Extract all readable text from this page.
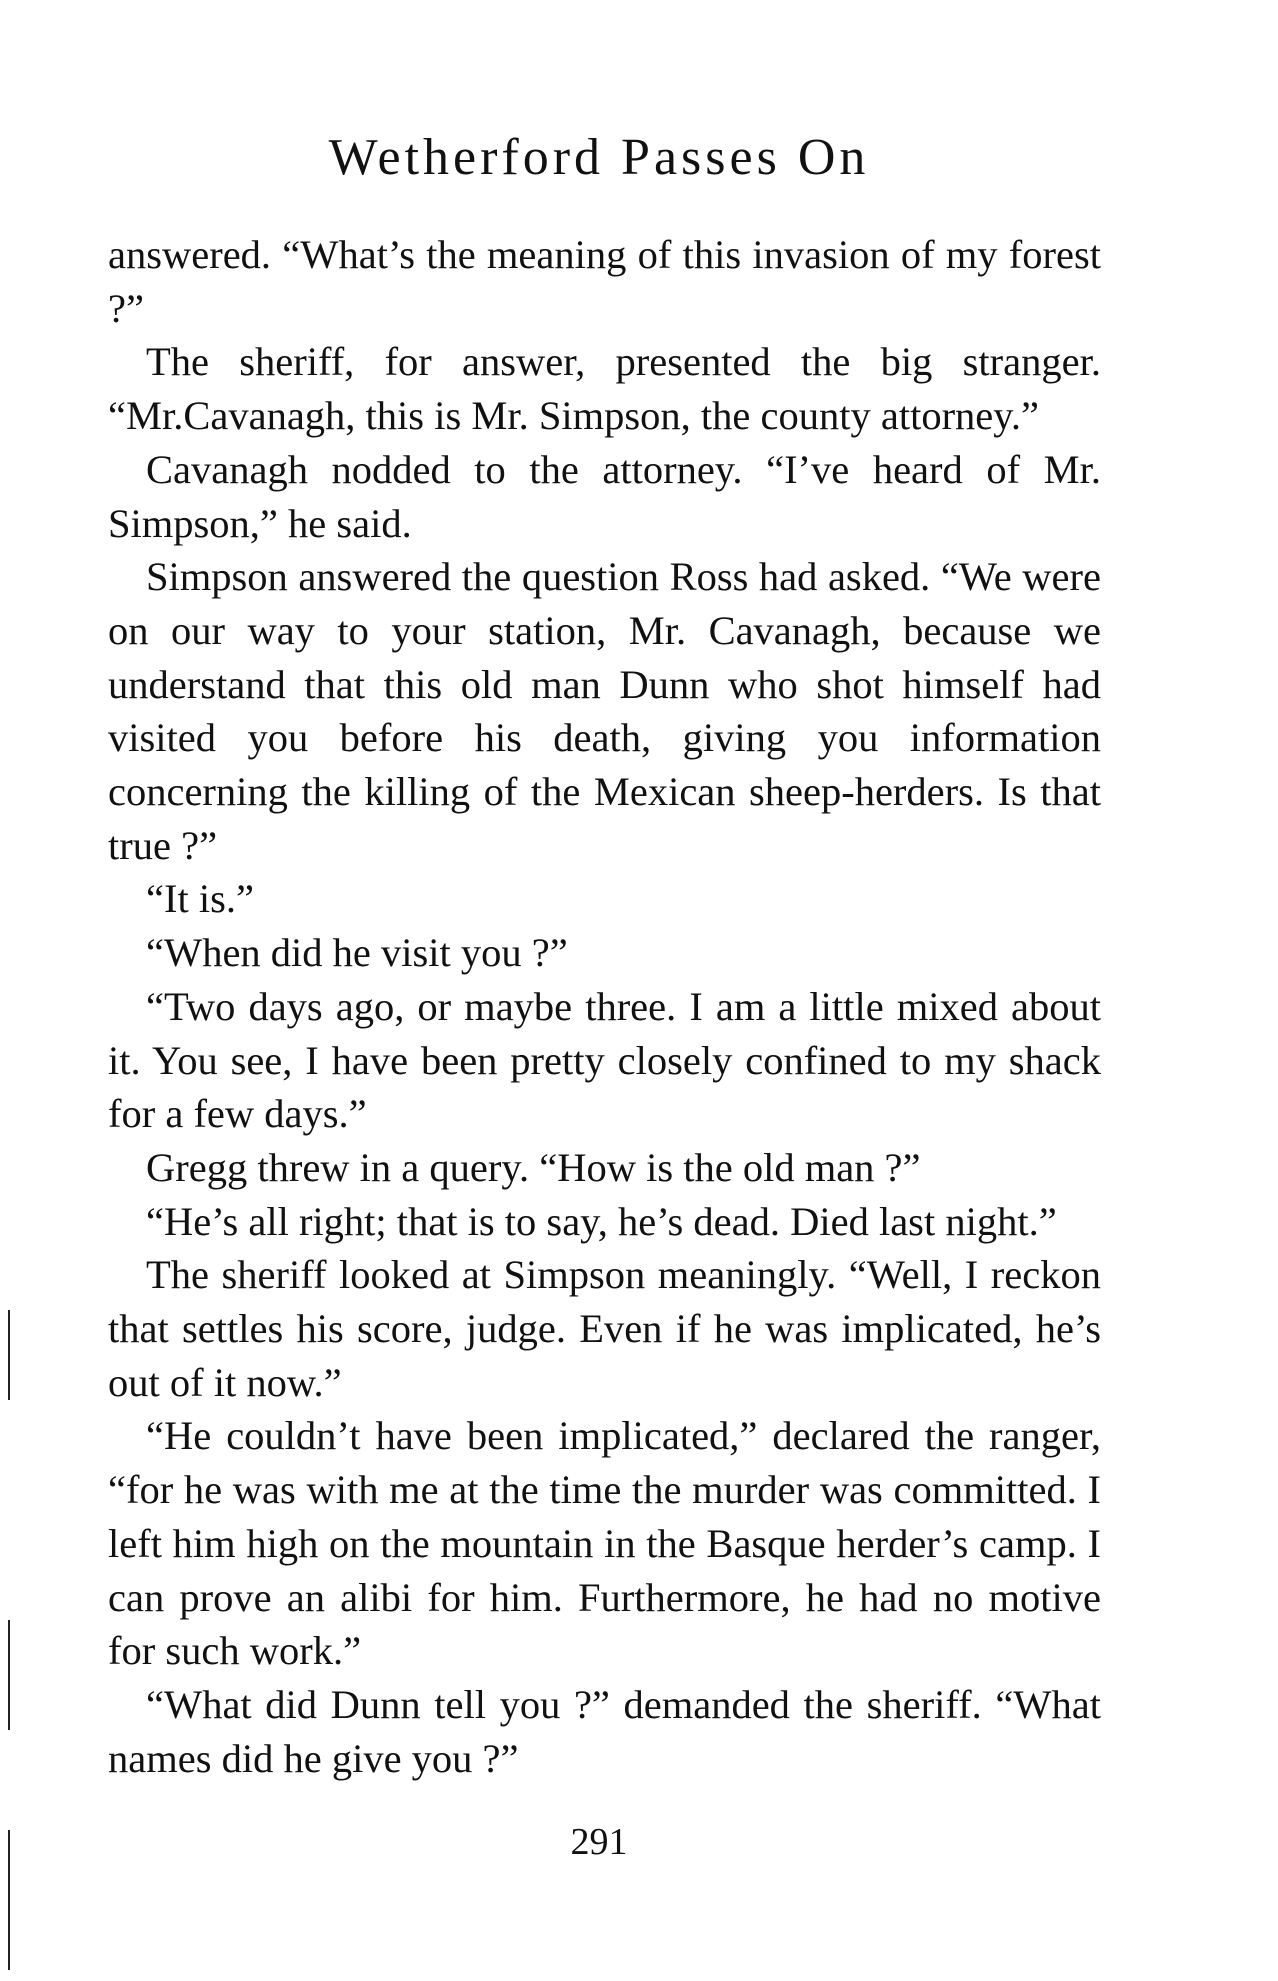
Wetherford Passes On

answered. “What’s the meaning of this invasion of my forest ?”

The sheriff, for answer, presented the big stranger. “Mr.Cavanagh, this is Mr. Simpson, the county attorney.”

Cavanagh nodded to the attorney. “I’ve heard of Mr. Simpson,” he said.

Simpson answered the question Ross had asked. “We were on our way to your station, Mr. Cavanagh, because we understand that this old man Dunn who shot himself had visited you before his death, giving you information concerning the killing of the Mexican sheep-herders. Is that true ?”

“It is.”

“When did he visit you ?”

“Two days ago, or maybe three. I am a little mixed about it. You see, I have been pretty closely confined to my shack for a few days.”

Gregg threw in a query. “How is the old man ?”

“He’s all right; that is to say, he’s dead. Died last night.”

The sheriff looked at Simpson meaningly. “Well, I reckon that settles his score, judge. Even if he was implicated, he’s out of it now.”

“He couldn’t have been implicated,” declared the ranger, “for he was with me at the time the murder was committed. I left him high on the mountain in the Basque herder’s camp. I can prove an alibi for him. Furthermore, he had no motive for such work.”

“What did Dunn tell you ?” demanded the sheriff. “What names did he give you ?”

291
